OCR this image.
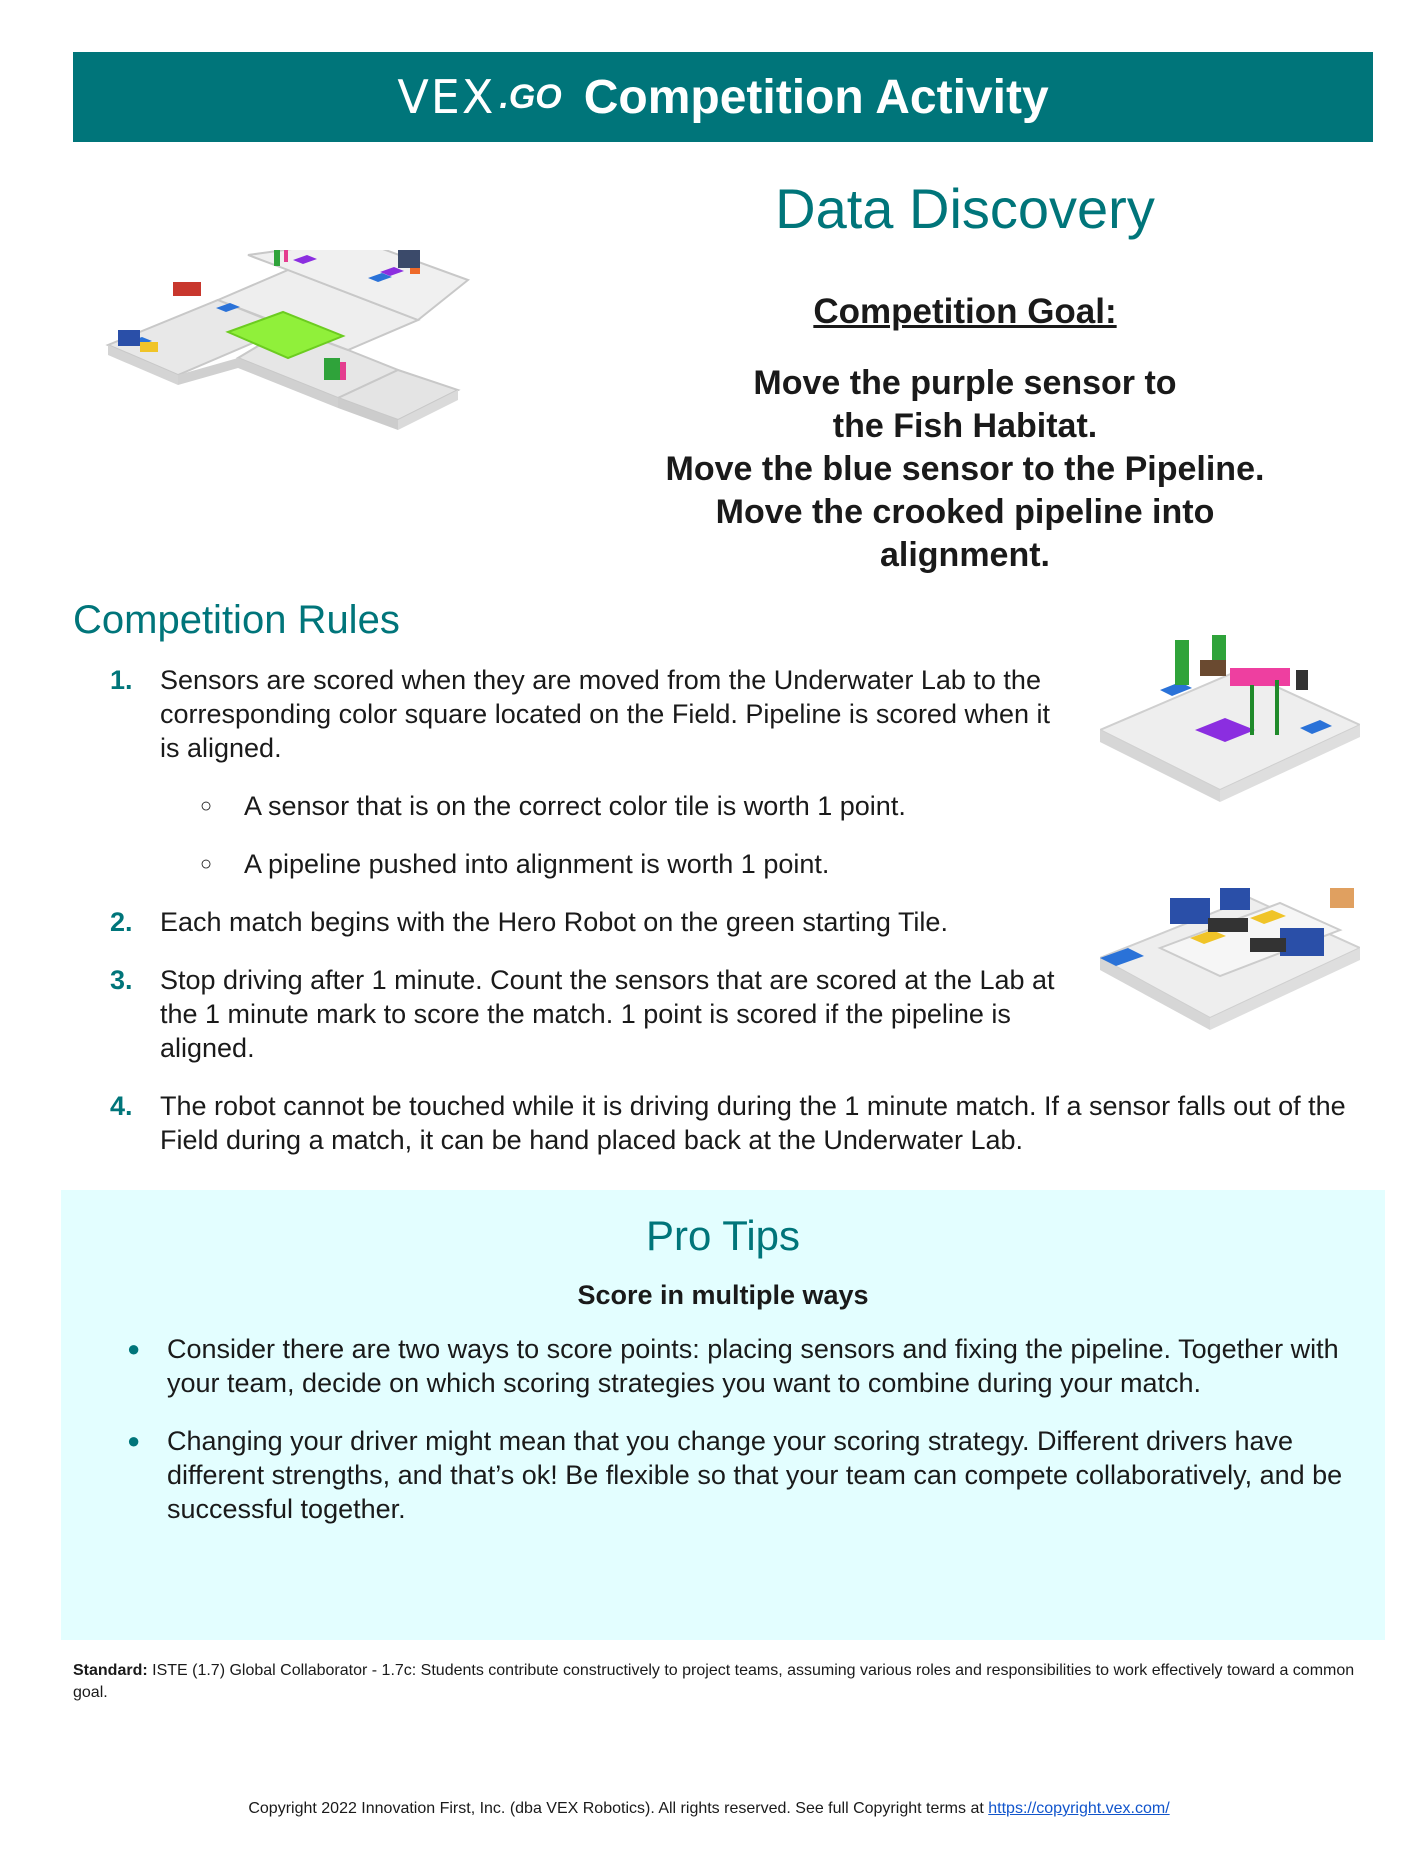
VEX .GO Competition Activity
Data Discovery
Competition Goal:
Move the purple sensor to
the Fish Habitat.
Move the blue sensor to the Pipeline.
Move the crooked pipeline into
alignment.
Competition Rules
1.	Sensors are scored when they are moved from the Underwater Lab to the corresponding color square located on the Field. Pipeline is scored when it is aligned.
○	A sensor that is on the correct color tile is worth 1 point.
○	A pipeline pushed into alignment is worth 1 point.
2.	Each match begins with the Hero Robot on the green starting Tile.
3.	Stop driving after 1 minute. Count the sensors that are scored at the Lab at the 1 minute mark to score the match. 1 point is scored if the pipeline is aligned.
4.	The robot cannot be touched while it is driving during the 1 minute match. If a sensor falls out of the Field during a match, it can be hand placed back at the Underwater Lab.
Pro Tips
Score in multiple ways
● Consider there are two ways to score points: placing sensors and fixing the pipeline. Together with your team, decide on which scoring strategies you want to combine during your match.
● Changing your driver might mean that you change your scoring strategy. Different drivers have different strengths, and that’s ok! Be flexible so that your team can compete collaboratively, and be successful together.
Standard: ISTE (1.7) Global Collaborator - 1.7c: Students contribute constructively to project teams, assuming various roles and responsibilities to work effectively toward a common goal.
Copyright 2022 Innovation First, Inc. (dba VEX Robotics). All rights reserved. See full Copyright terms at https://copyright.vex.com/
